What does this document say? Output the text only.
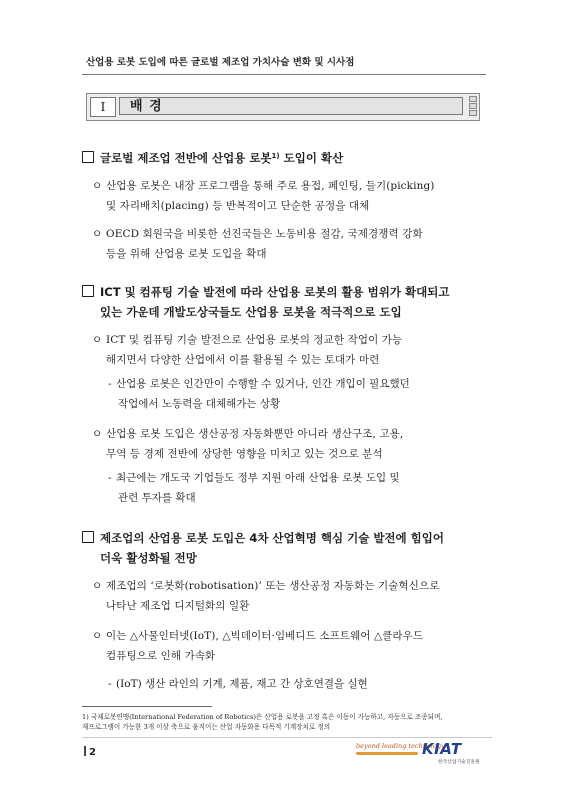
산업용 로봇 도입에 따른 글로벌 제조업 가치사슬 변화 및 시사점
I	배 경
글로벌 제조업 전반에 산업용 로봇$^{1)}$ 도입이 확산
ㅇ 산업용 로봇은 내장 프로그램을 통해 주로 용접, 페인팅, 들기(picking)
및 자리배치(placing) 등 반복적이고 단순한 공정을 대체
ㅇ OECD 회원국을 비롯한 선진국들은 노동비용 절감, 국제경쟁력 강화
등을 위해 산업용 로봇 도입을 확대
ICT 및 컴퓨팅 기술 발전에 따라 산업용 로봇의 활용 범위가 확대되고
있는 가운데 개발도상국들도 산업용 로봇을 적극적으로 도입
ㅇ ICT 및 컴퓨팅 기술 발전으로 산업용 로봇의 정교한 작업이 가능
해지면서 다양한 산업에서 이를 활용될 수 있는 토대가 마련
- 산업용 로봇은 인간만이 수행할 수 있거나, 인간 개입이 필요했던
작업에서 노동력을 대체해가는 상황
ㅇ 산업용 로봇 도입은 생산공정 자동화뿐만 아니라 생산구조, 고용,
무역 등 경제 전반에 상당한 영향을 미치고 있는 것으로 분석
- 최근에는 개도국 기업들도 정부 지원 아래 산업용 로봇 도입 및
관련 투자를 확대
제조업의 산업용 로봇 도입은 4차 산업혁명 핵심 기술 발전에 힘입어
더욱 활성화될 전망
ㅇ 제조업의 ‘로봇화(robotisation)’ 또는 생산공정 자동화는 기술혁신으로
나타난 제조업 디지털화의 일환
ㅇ 이는 △사물인터넷(IoT), △빅데이터·임베디드 소프트웨어 △클라우드
컴퓨팅으로 인해 가속화
- (IoT) 생산 라인의 기계, 제품, 재고 간 상호연결을 실현
1) 국제로봇연맹(International Federation of Robotics)은 산업용 로봇을 고정 혹은 이동이 가능하고, 자동으로 조종되며,
재프로그램이 가능한 3개 이상 축으로 움직이는 산업 자동화용 다목적 기계장치로 정의
2
beyond leading technology
KIAT
한국산업기술진흥원
